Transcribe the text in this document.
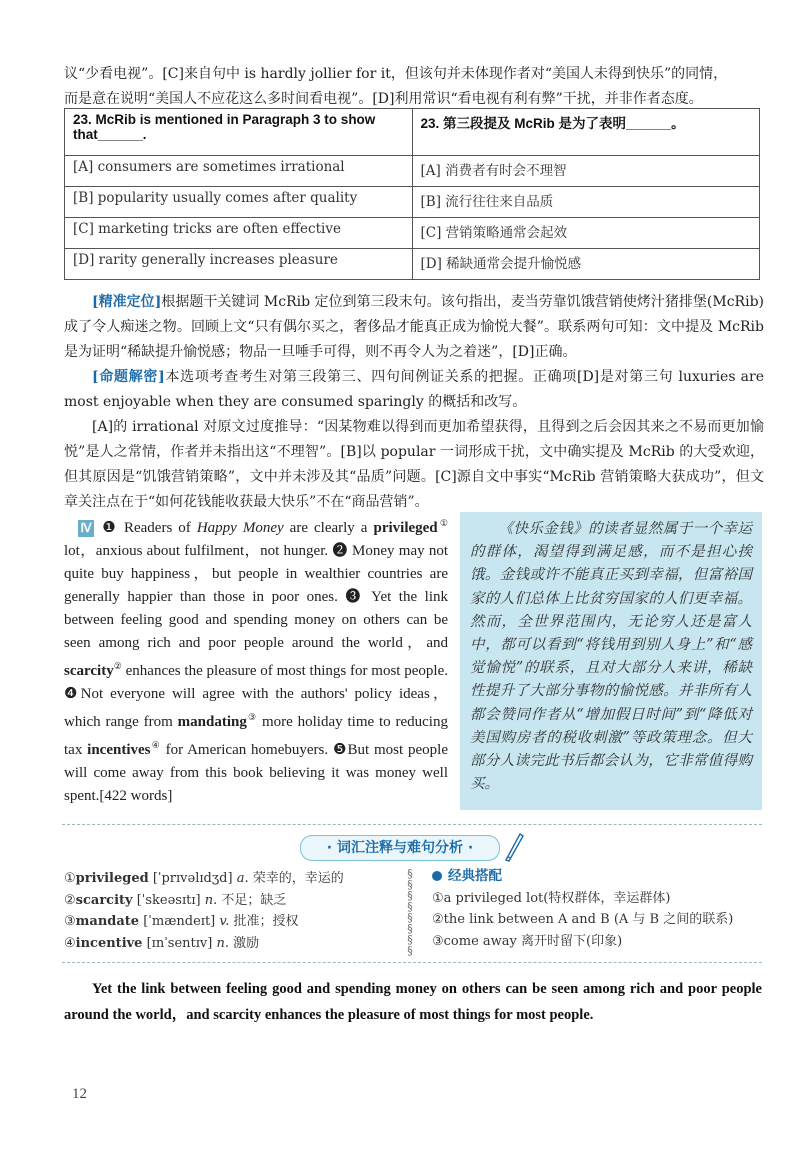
议“少看电视”。[C]来自句中 is hardly jollier for it，但该句并未体现作者对“美国人未得到快乐”的同情，
而是意在说明“美国人不应花这么多时间看电视”。[D]利用常识“看电视有利有弊”干扰，并非作者态度。
23. McRib is mentioned in Paragraph 3 to show that______.	23. 第三段提及 McRib 是为了表明______。
[A] consumers are sometimes irrational	[A] 消费者有时会不理智
[B] popularity usually comes after quality	[B] 流行往往来自品质
[C] marketing tricks are often effective	[C] 营销策略通常会起效
[D] rarity generally increases pleasure	[D] 稀缺通常会提升愉悦感
[精准定位]根据题干关键词 McRib 定位到第三段末句。该句指出，麦当劳靠饥饿营销使烤汁猪排堡(McRib)成了令人痴迷之物。回顾上文“只有偶尔买之，奢侈品才能真正成为愉悦大餐”。联系两句可知：文中提及 McRib 是为证明“稀缺提升愉悦感；物品一旦唾手可得，则不再令人为之着迷”，[D]正确。
[命题解密]本选项考查考生对第三段第三、四句间例证关系的把握。正确项[D]是对第三句 luxuries are most enjoyable when they are consumed sparingly 的概括和改写。
[A]的 irrational 对原文过度推导：“因某物难以得到而更加希望获得，且得到之后会因其来之不易而更加愉悦”是人之常情，作者并未指出这“不理智”。[B]以 popular 一词形成干扰，文中确实提及 McRib 的大受欢迎，但其原因是“饥饿营销策略”，文中并未涉及其“品质”问题。[C]源自文中事实“McRib 营销策略大获成功”，但文章关注点在于“如何花钱能收获最大快乐”不在“商品营销”。
Ⅳ ❶ Readers of Happy Money are clearly a privileged① lot，anxious about fulfilment，not hunger. ❷ Money may not quite buy happiness，but people in wealthier countries are generally happier than those in poor ones. ❸ Yet the link between feeling good and spending money on others can be seen among rich and poor people around the world，and scarcity② enhances the pleasure of most things for most people. ❹Not everyone will agree with the authors' policy ideas，which range from mandating③ more holiday time to reducing tax incentives④ for American homebuyers. ❺But most people will come away from this book believing it was money well spent.[422 words]
《快乐金钱》的读者显然属于一个幸运的群体，渴望得到满足感，而不是担心挨饿。金钱或许不能真正买到幸福，但富裕国家的人们总体上比贫穷国家的人们更幸福。然而，全世界范围内，无论穷人还是富人中，都可以看到“将钱用到别人身上”和“感觉愉悦”的联系，且对大部分人来讲，稀缺性提升了大部分事物的愉悦感。并非所有人都会赞同作者从“增加假日时间”到“降低对美国购房者的税收刺激”等政策理念。但大部分人读完此书后都会认为，它非常值得购买。
· 词汇注释与难句分析 ·
①privileged [ˈprɪvəlɪdʒd] a. 荣幸的，幸运的
②scarcity [ˈskeəsɪtɪ] n. 不足；缺乏
③mandate [ˈmændeɪt] v. 批准；授权
④incentive [ɪnˈsentɪv] n. 激励
§
§
§
§
§
§
§
§
经典搭配
①a privileged lot(特权群体，幸运群体)
②the link between A and B (A 与 B 之间的联系)
③come away 离开时留下(印象)
Yet the link between feeling good and spending money on others can be seen among rich and poor people around the world，and scarcity enhances the pleasure of most things for most people.
12
